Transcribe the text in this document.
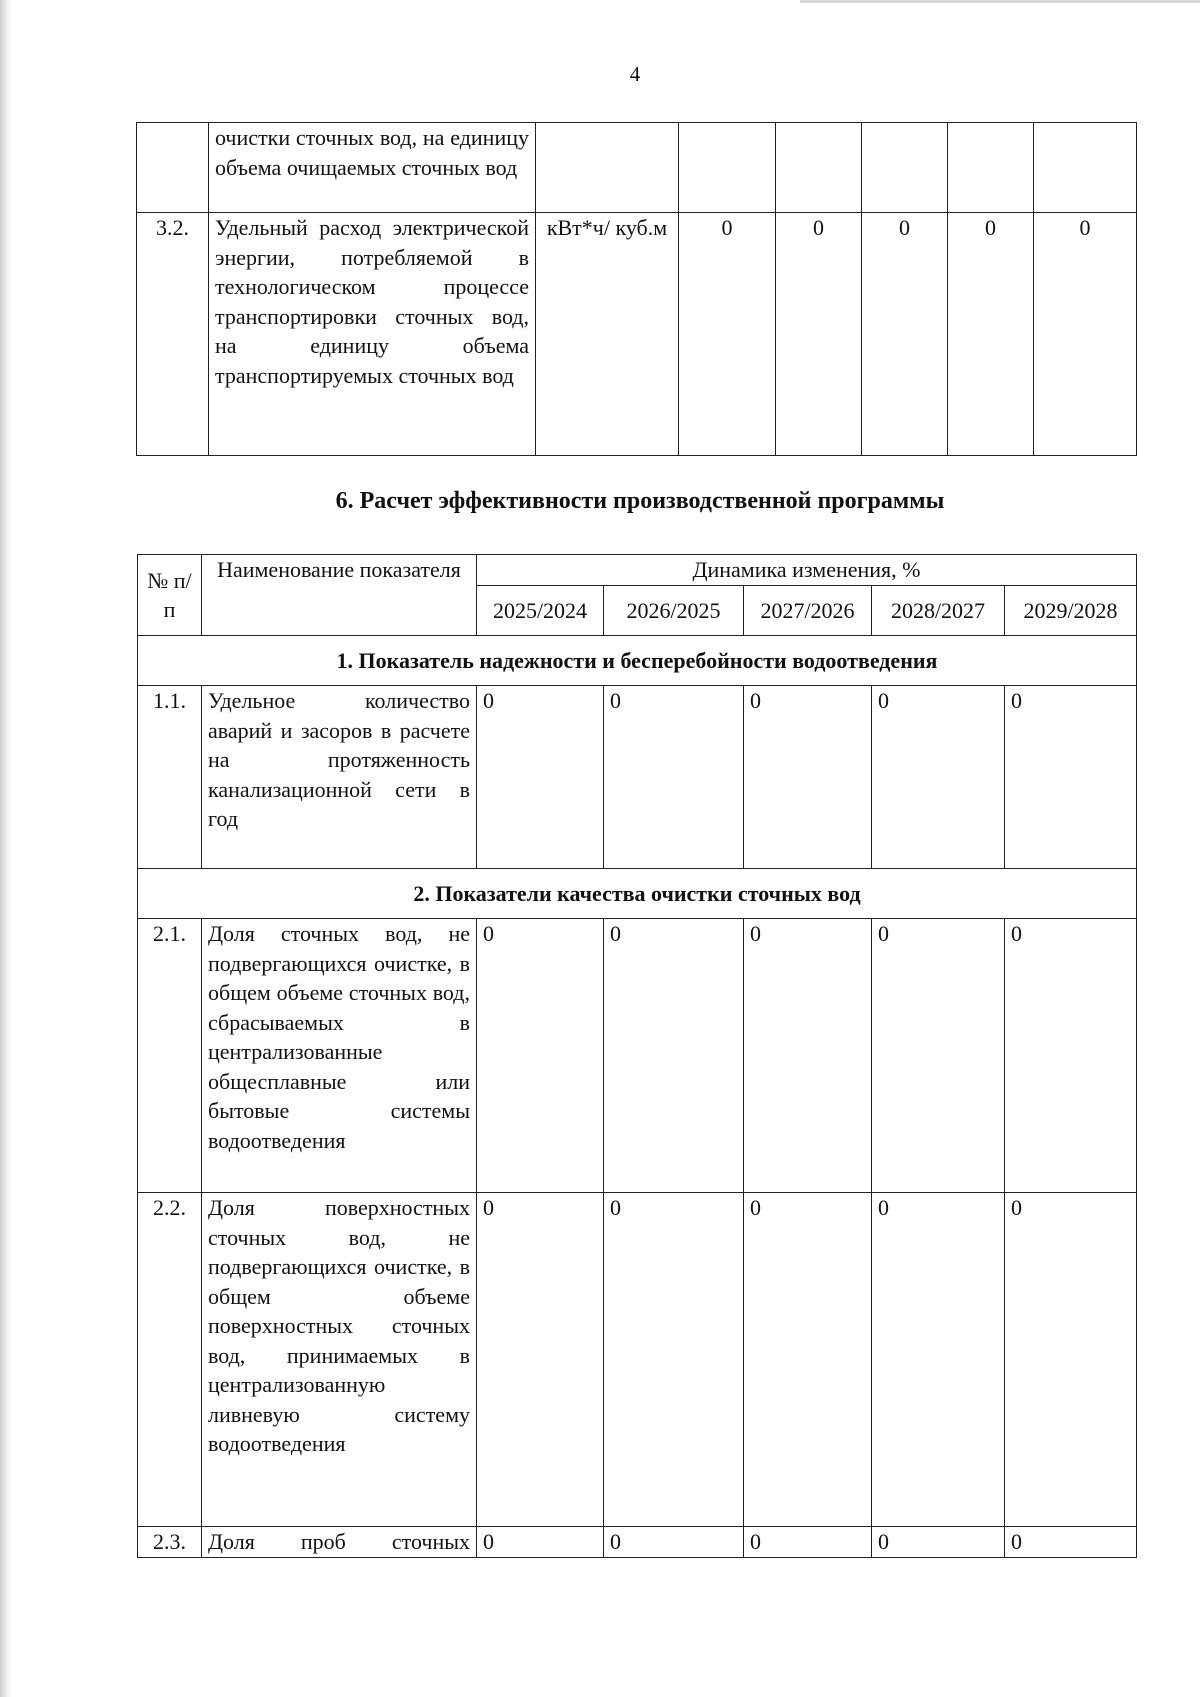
4
	очистки сточных вод, на единицу объема очищаемых сточных вод						
3.2.	Удельный расход электрической энергии, потребляемой в технологическом процессе транспортировки сточных вод, на единицу объема транспортируемых сточных вод	кВт*ч/ куб.м	0	0	0	0	0
6. Расчет эффективности производственной программы
№ п/п	Наименование показателя	Динамика изменения, %				
		2025/2024	2026/2025	2027/2026	2028/2027	2029/2028
1. Показатель надежности и бесперебойности водоотведения						
1.1.	Удельное количество аварий и засоров в расчете на протяженность канализационной сети в год	0	0	0	0	0
2. Показатели качества очистки сточных вод						
2.1.	Доля сточных вод, не подвергающихся очистке, в общем объеме сточных вод, сбрасываемых в централизованные общесплавные или бытовые системы водоотведения	0	0	0	0	0
2.2.	Доля поверхностных сточных вод, не подвергающихся очистке, в общем объеме поверхностных сточных вод, принимаемых в централизованную ливневую систему водоотведения	0	0	0	0	0
2.3.	Доля проб сточных	0	0	0	0	0
